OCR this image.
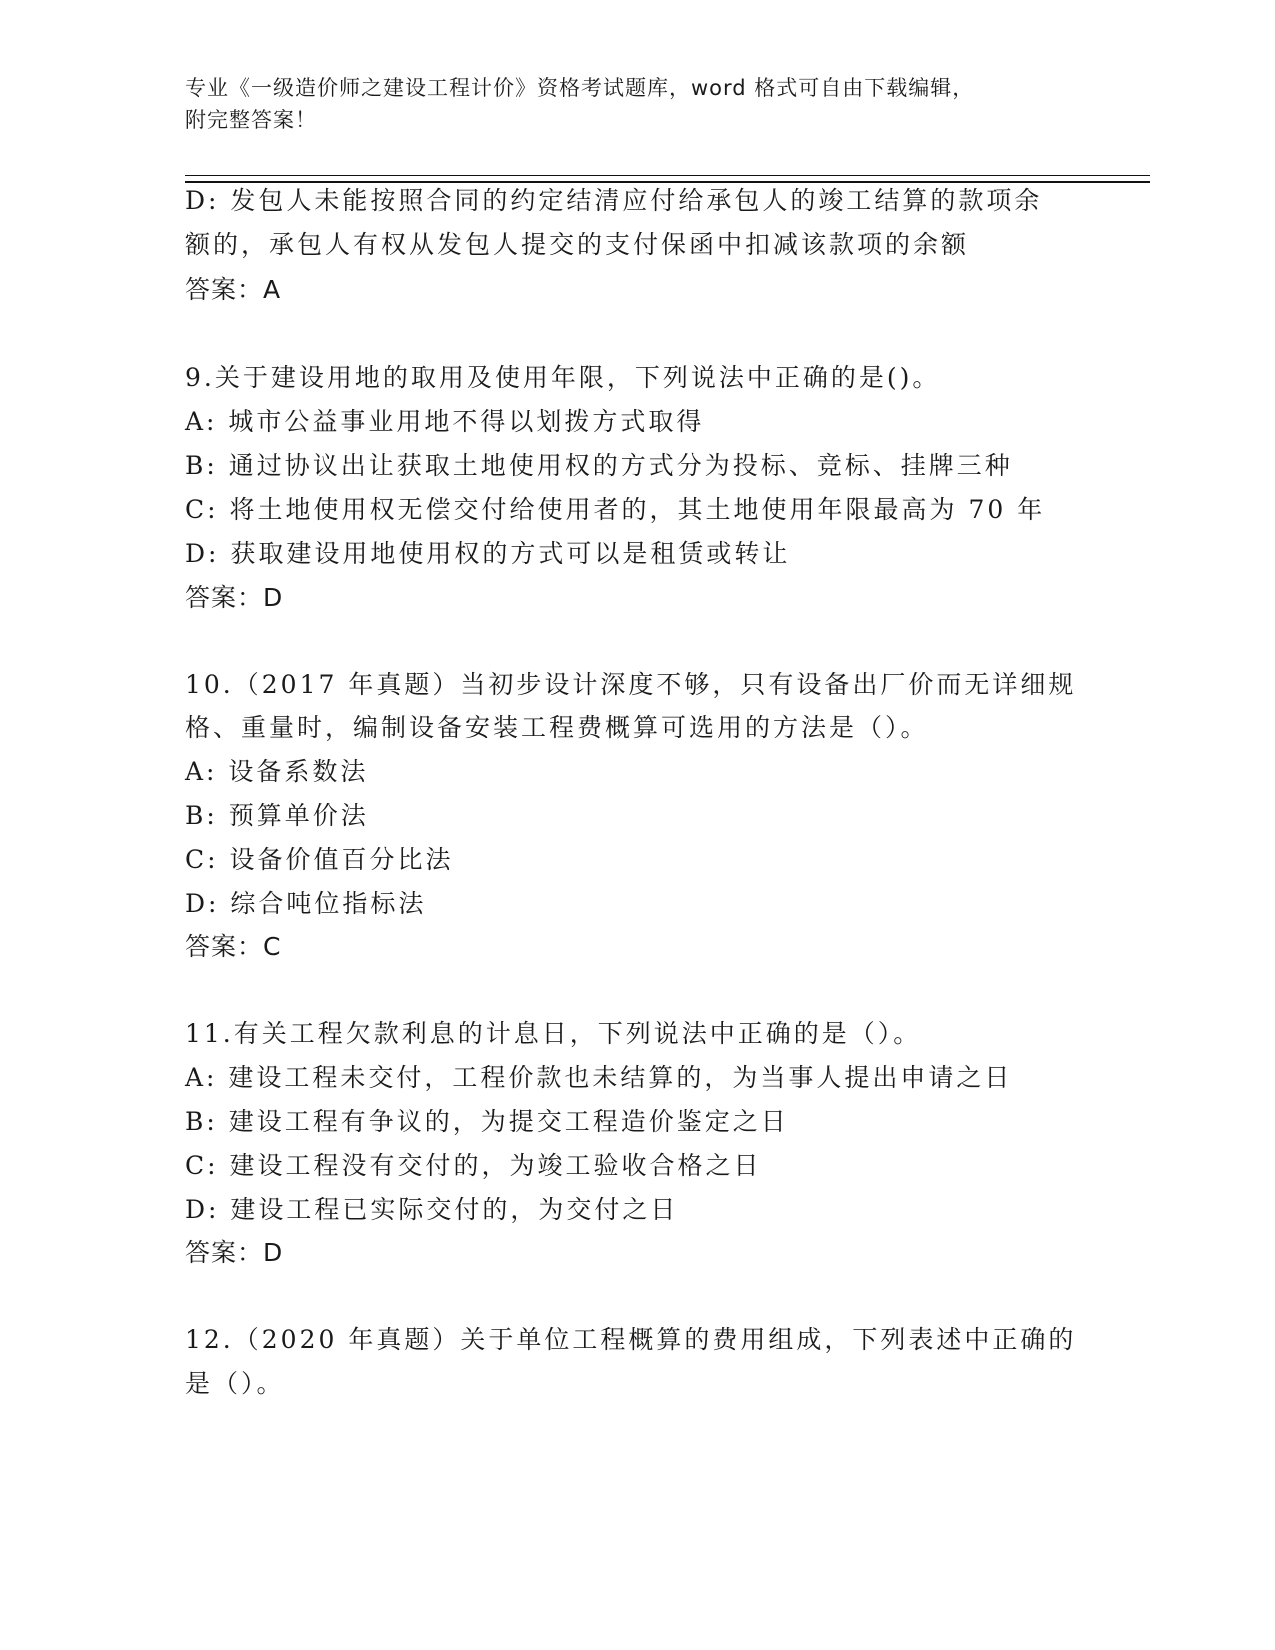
专业《一级造价师之建设工程计价》资格考试题库，word 格式可自由下载编辑，
附完整答案！
D: 发包人未能按照合同的约定结清应付给承包人的竣工结算的款项余
额的，承包人有权从发包人提交的支付保函中扣减该款项的余额
答案：A
9.关于建设用地的取用及使用年限，下列说法中正确的是()。
A: 城市公益事业用地不得以划拨方式取得
B: 通过协议出让获取土地使用权的方式分为投标、竞标、挂牌三种
C: 将土地使用权无偿交付给使用者的，其土地使用年限最高为 70 年
D: 获取建设用地使用权的方式可以是租赁或转让
答案：D
10.（2017 年真题）当初步设计深度不够，只有设备出厂价而无详细规
格、重量时，编制设备安装工程费概算可选用的方法是（）。
A: 设备系数法
B: 预算单价法
C: 设备价值百分比法
D: 综合吨位指标法
答案：C
11.有关工程欠款利息的计息日，下列说法中正确的是（）。
A: 建设工程未交付，工程价款也未结算的，为当事人提出申请之日
B: 建设工程有争议的，为提交工程造价鉴定之日
C: 建设工程没有交付的，为竣工验收合格之日
D: 建设工程已实际交付的，为交付之日
答案：D
12.（2020 年真题）关于单位工程概算的费用组成，下列表述中正确的
是（）。
